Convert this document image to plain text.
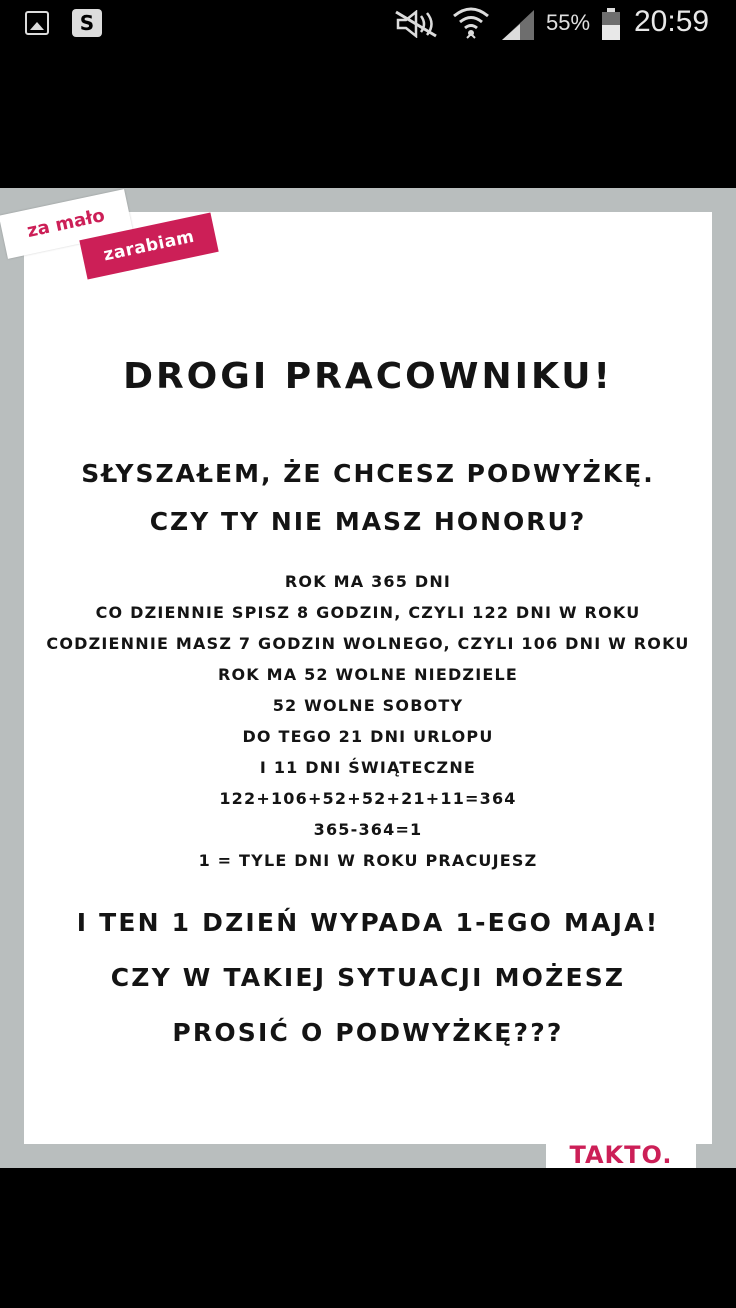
S	55% 20:59
za mało
zarabiam
DROGI PRACOWNIKU!
SŁYSZAŁEM, ŻE CHCESZ PODWYŻKĘ.
CZY TY NIE MASZ HONORU?
ROK MA 365 DNI
CO DZIENNIE SPISZ 8 GODZIN, CZYLI 122 DNI W ROKU
CODZIENNIE MASZ 7 GODZIN WOLNEGO, CZYLI 106 DNI W ROKU
ROK MA 52 WOLNE NIEDZIELE
52 WOLNE SOBOTY
DO TEGO 21 DNI URLOPU
I 11 DNI ŚWIĄTECZNE
122+106+52+52+21+11=364
365-364=1
1 = TYLE DNI W ROKU PRACUJESZ
I TEN 1 DZIEŃ WYPADA 1-EGO MAJA!
CZY W TAKIEJ SYTUACJI MOŻESZ
PROSIĆ O PODWYŻKĘ???
TAKTO.
